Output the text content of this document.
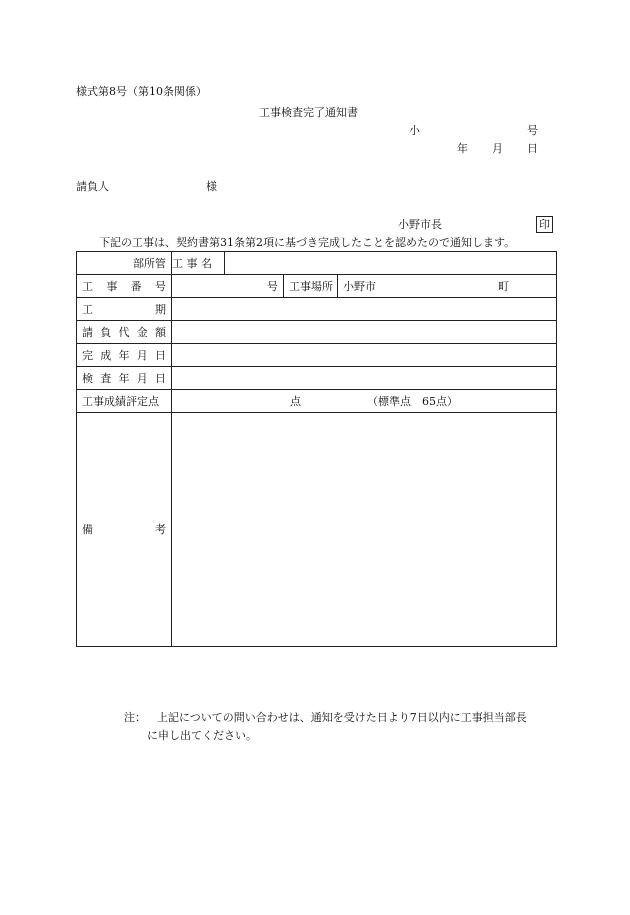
様式第8号（第10条関係）
工事検査完了通知書
小	号
年 月 日
請負人	様
小野市長	印
下記の工事は、契約書第31条第2項に基づき完成したことを認めたので通知します。
部所管	工 事 名		

工 事 番 号	号	工事場所	小野市 町

工 期			

請 負 代 金 額			

完 成 年 月 日			

検 査 年 月 日			

工事成績評定点	点 （標準点　65点）		

備 考			

注： 上記についての問い合わせは、通知を受けた日より7日以内に工事担当部長
に申し出てください。
